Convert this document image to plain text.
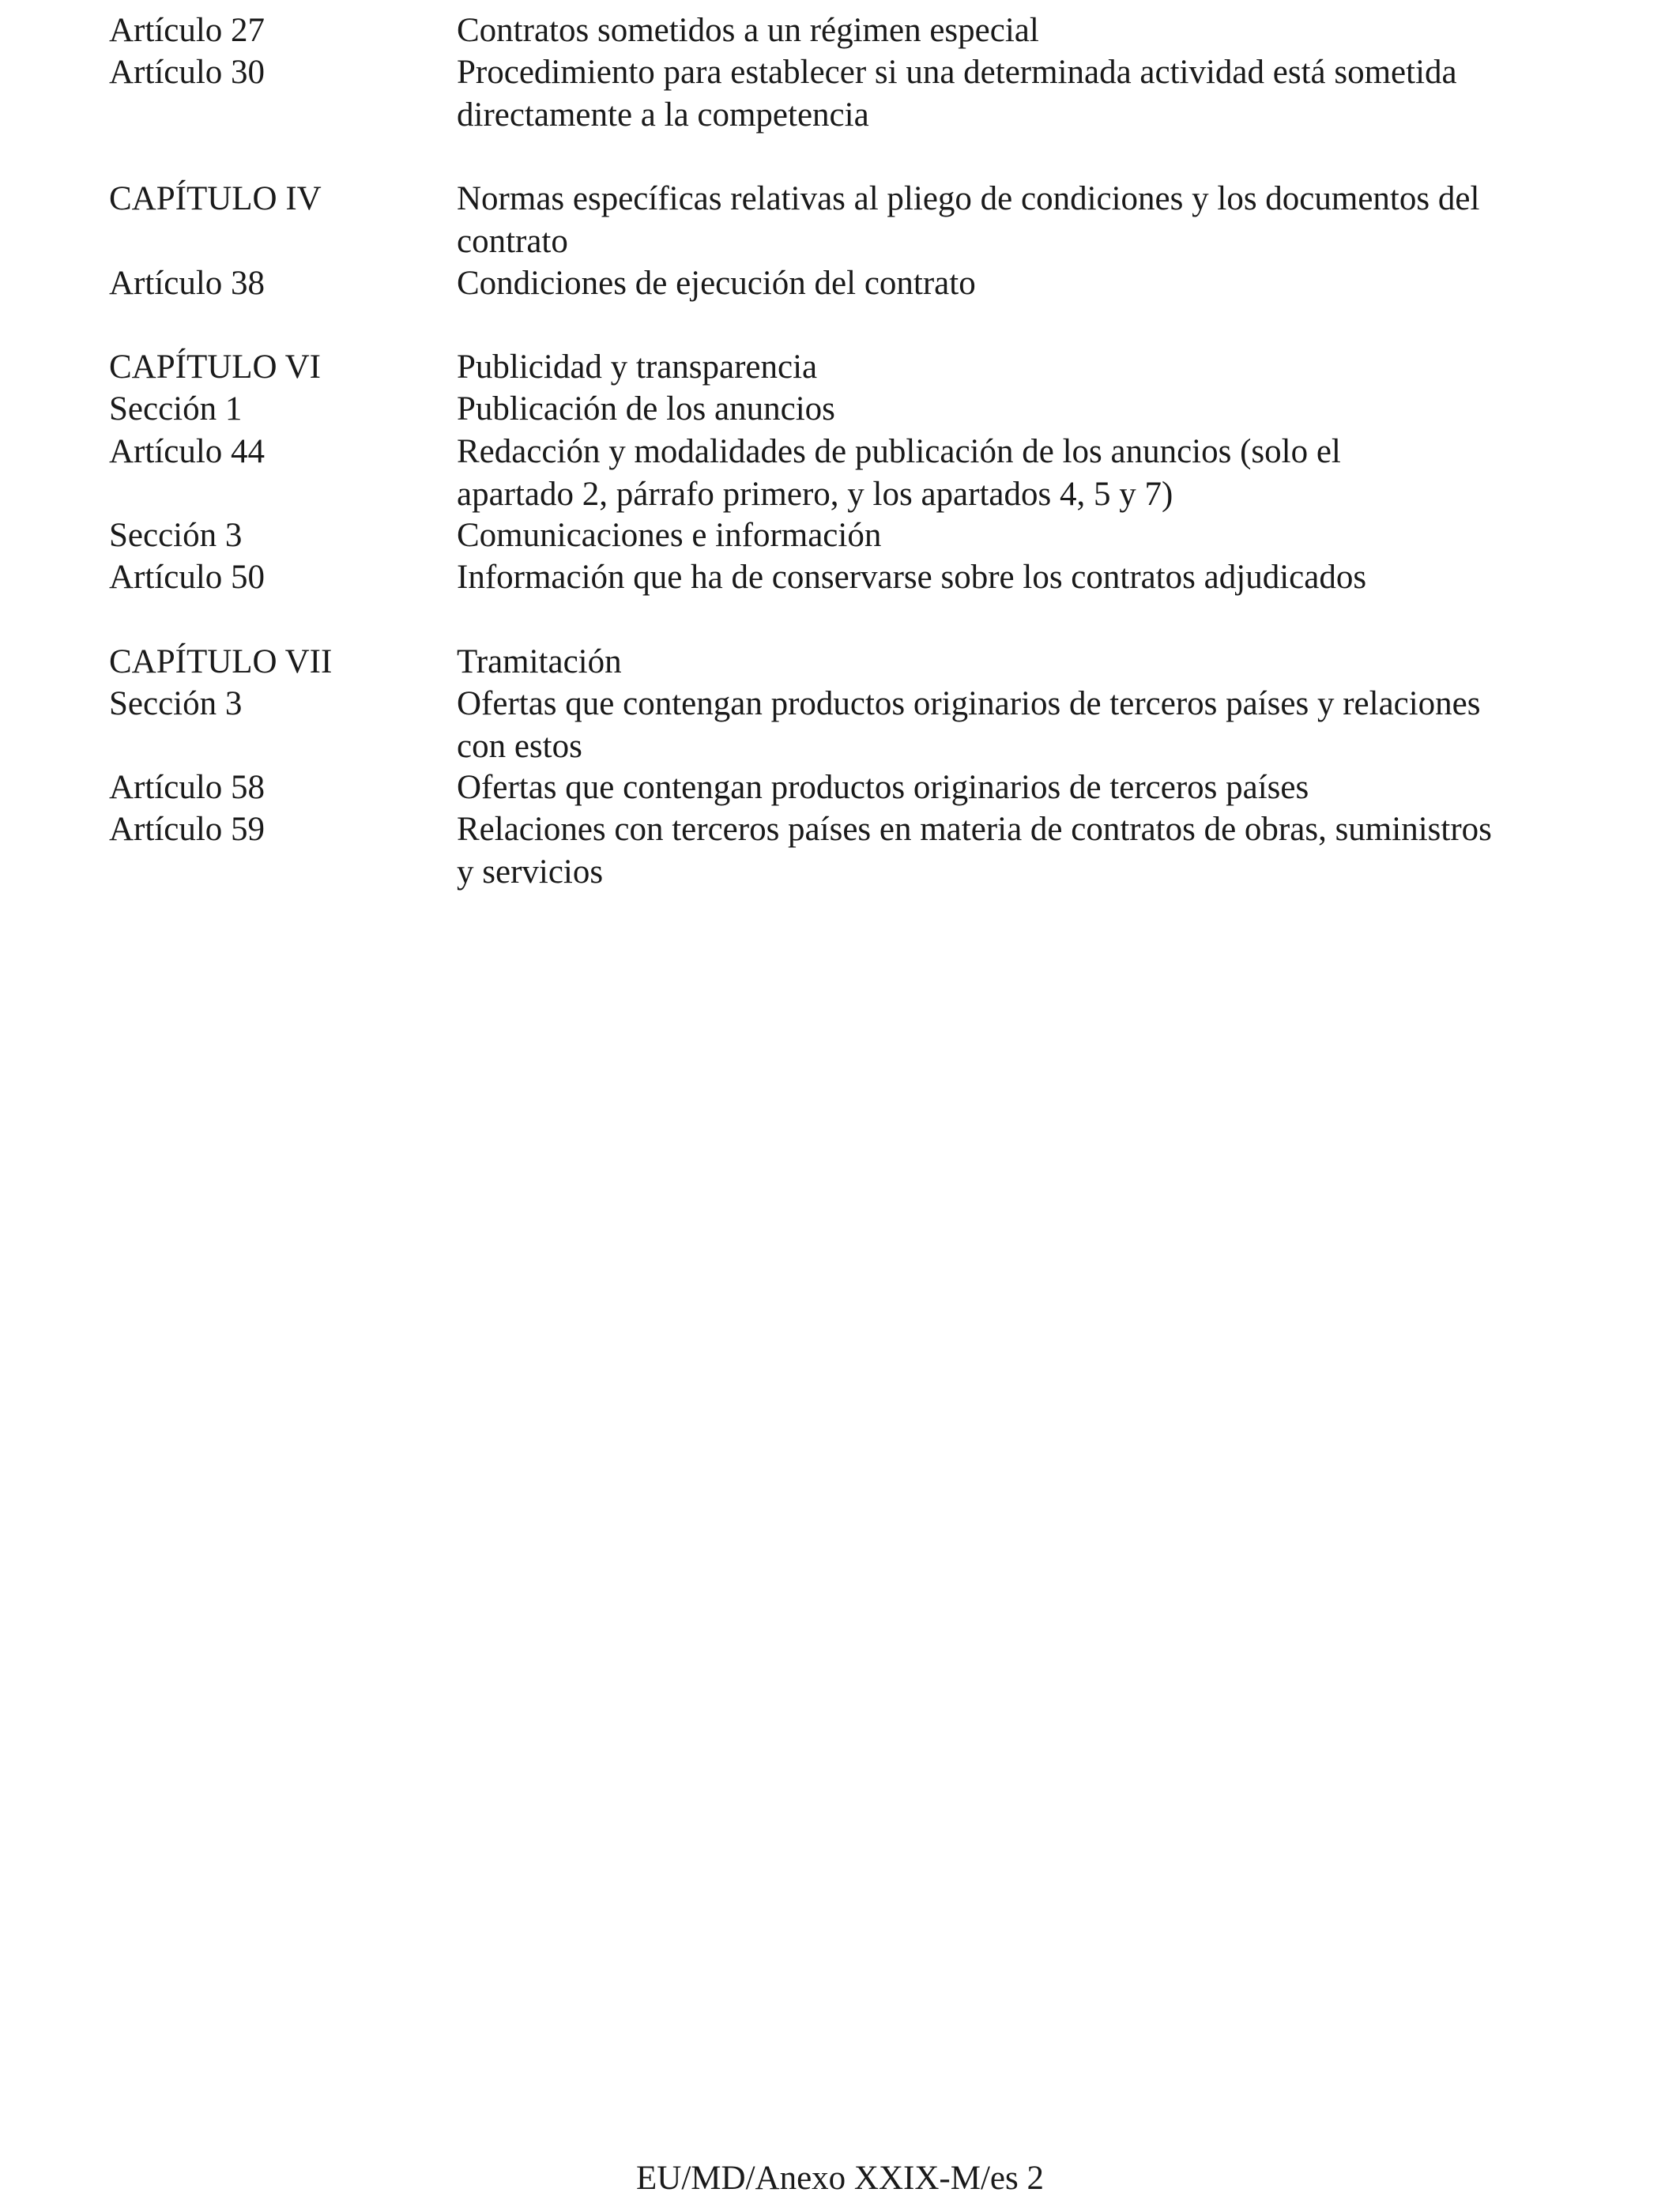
Artículo 27	Contratos sometidos a un régimen especial
Artículo 30	Procedimiento para establecer si una determinada actividad está sometida
directamente a la competencia
CAPÍTULO IV	Normas específicas relativas al pliego de condiciones y los documentos del
contrato
Artículo 38	Condiciones de ejecución del contrato
CAPÍTULO VI	Publicidad y transparencia
Sección 1	Publicación de los anuncios
Artículo 44	Redacción y modalidades de publicación de los anuncios (solo el
apartado 2, párrafo primero, y los apartados 4, 5 y 7)
Sección 3	Comunicaciones e información
Artículo 50	Información que ha de conservarse sobre los contratos adjudicados
CAPÍTULO VII	Tramitación
Sección 3	Ofertas que contengan productos originarios de terceros países y relaciones
con estos
Artículo 58	Ofertas que contengan productos originarios de terceros países
Artículo 59	Relaciones con terceros países en materia de contratos de obras, suministros
y servicios
EU/MD/Anexo XXIX-M/es 2
